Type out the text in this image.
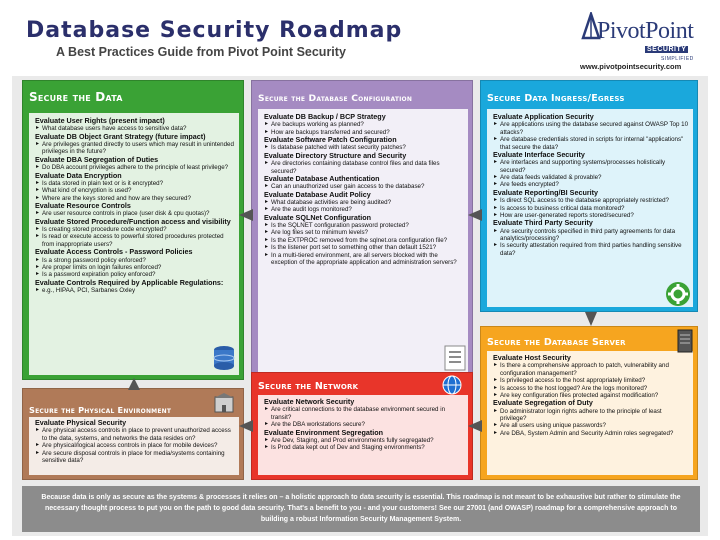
Database Security Roadmap
A Best Practices Guide from Pivot Point Security
PivotPoint
SECURITY
SIMPLIFIED
www.pivotpointsecurity.com
Secure the Data
Evaluate User Rights (present impact)
▸ What database users have access to sensitive data?
Evaluate DB Object Grant Strategy (future impact)
▸ Are privileges granted directly to users which may result in unintended privileges in the future?
Evaluate DBA Segregation of Duties
▸ Do DBA account privileges adhere to the principle of least privilege?
Evaluate Data Encryption
▸ Is data stored in plain text or is it encrypted?
▸ What kind of encryption is used?
▸ Where are the keys stored and how are they secured?
Evaluate Resource Controls
▸ Are user resource controls in place (user disk & cpu quotas)?
Evaluate Stored Procedure/Function access and visibility
▸ Is creating stored procedure code encrypted?
▸ Is read or execute access to powerful stored procedures protected from inappropriate users?
Evaluate Access Controls - Password Policies
▸ Is a strong password policy enforced?
▸ Are proper limits on login failures enforced?
▸ Is a password expiration policy enforced?
Evaluate Controls Required by Applicable Regulations:
▸ e.g., HIPAA, PCI, Sarbanes Oxley
Secure the Database Configuration
Evaluate DB Backup / BCP Strategy
▸ Are backups working as planned?
▸ How are backups transferred and secured?
Evaluate Software Patch Configuration
▸ Is database patched with latest security patches?
Evaluate Directory Structure and Security
▸ Are directories containing database control files and data files secured?
Evaluate Database Authentication
▸ Can an unauthorized user gain access to the database?
Evaluate Database Audit Policy
▸ What database activities are being audited?
▸ Are the audit logs monitored?
Evaluate SQLNet Configuration
▸ Is the SQLNET configuration password protected?
▸ Are log files set to minimum levels?
▸ Is the EXTPROC removed from the sqlnet.ora configuration file?
▸ Is the listener port set to something other than default 1521?
▸ In a multi-tiered environment, are all servers blocked with the exception of the appropriate application and administration servers?
Secure Data Ingress/Egress
Evaluate Application Security
▸ Are applications using the database secured against OWASP Top 10 attacks?
▸ Are database credentials stored in scripts for internal "applications" that secure the data?
Evaluate Interface Security
▸ Are interfaces and supporting systems/processes holistically secured?
▸ Are data feeds validated & provable?
▸ Are feeds encrypted?
Evaluate Reporting/BI Security
▸ Is direct SQL access to the database appropriately restricted?
▸ Is access to business critical data monitored?
▸ How are user-generated reports stored/secured?
Evaluate Third Party Security
▸ Are security controls specified in third party agreements for data analytics/processing?
▸ Is security attestation required from third parties handling sensitive data?
Secure the Database Server
Evaluate Host Security
▸ Is there a comprehensive approach to patch, vulnerability and configuration management?
▸ Is privileged access to the host appropriately limited?
▸ Is access to the host logged? Are the logs monitored?
▸ Are key configuration files protected against modification?
Evaluate Segregation of Duty
▸ Do administrator login rights adhere to the principle of least privilege?
▸ Are all users using unique passwords?
▸ Are DBA, System Admin and Security Admin roles segregated?
Secure the Network
Evaluate Network Security
▸ Are critical connections to the database environment secured in transit?
▸ Are the DBA workstations secure?
Evaluate Environment Segregation
▸ Are Dev, Staging, and Prod environments fully segregated?
▸ Is Prod data kept out of Dev and Staging environments?
Secure the Physical Environment
Evaluate Physical Security
▸ Are physical access controls in place to prevent unauthorized access to the data, systems, and networks the data resides on?
▸ Are physical/logical access controls in place for mobile devices?
▸ Are secure disposal controls in place for media/systems containing sensitive data?
Because data is only as secure as the systems & processes it relies on – a holistic approach to data security is essential. This roadmap is not meant to be exhaustive but rather to stimulate the necessary thought process to put you on the path to good data security. That's a benefit to you - and your customers! See our 27001 (and OWASP) roadmap for a comprehensive approach to building a robust Information Security Management System.
